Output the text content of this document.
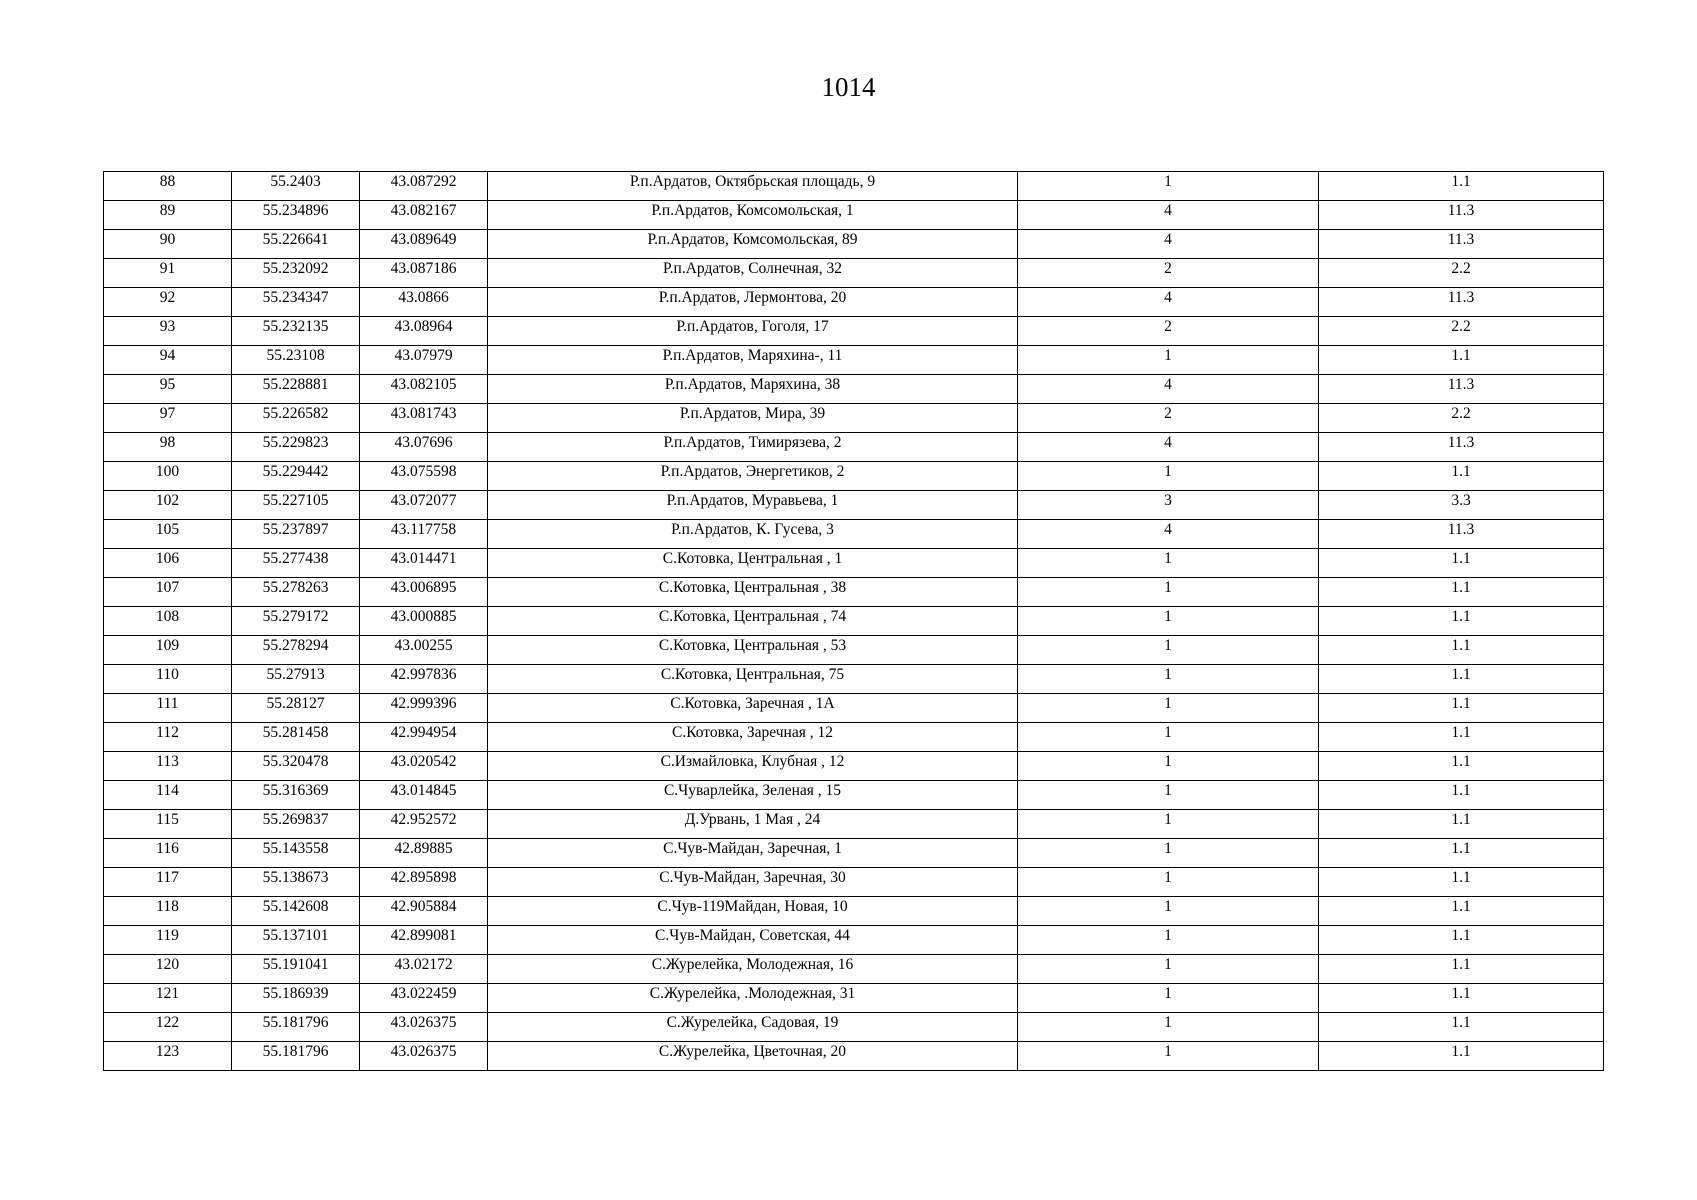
1014
88	55.2403	43.087292	Р.п.Ардатов, Октябрьская площадь, 9	1	1.1
89	55.234896	43.082167	Р.п.Ардатов, Комсомольская, 1	4	11.3
90	55.226641	43.089649	Р.п.Ардатов, Комсомольская, 89	4	11.3
91	55.232092	43.087186	Р.п.Ардатов, Солнечная, 32	2	2.2
92	55.234347	43.0866	Р.п.Ардатов, Лермонтова, 20	4	11.3
93	55.232135	43.08964	Р.п.Ардатов, Гоголя, 17	2	2.2
94	55.23108	43.07979	Р.п.Ардатов, Маряхина-, 11	1	1.1
95	55.228881	43.082105	Р.п.Ардатов, Маряхина, 38	4	11.3
97	55.226582	43.081743	Р.п.Ардатов, Мира, 39	2	2.2
98	55.229823	43.07696	Р.п.Ардатов, Тимирязева, 2	4	11.3
100	55.229442	43.075598	Р.п.Ардатов, Энергетиков, 2	1	1.1
102	55.227105	43.072077	Р.п.Ардатов, Муравьева, 1	3	3.3
105	55.237897	43.117758	Р.п.Ардатов, К. Гусева, 3	4	11.3
106	55.277438	43.014471	С.Котовка, Центральная , 1	1	1.1
107	55.278263	43.006895	С.Котовка, Центральная , 38	1	1.1
108	55.279172	43.000885	С.Котовка, Центральная , 74	1	1.1
109	55.278294	43.00255	С.Котовка, Центральная , 53	1	1.1
110	55.27913	42.997836	С.Котовка, Центральная, 75	1	1.1
111	55.28127	42.999396	С.Котовка, Заречная , 1А	1	1.1
112	55.281458	42.994954	С.Котовка, Заречная , 12	1	1.1
113	55.320478	43.020542	С.Измайловка, Клубная , 12	1	1.1
114	55.316369	43.014845	С.Чуварлейка, Зеленая , 15	1	1.1
115	55.269837	42.952572	Д.Урвань, 1 Мая , 24	1	1.1
116	55.143558	42.89885	С.Чув-Майдан, Заречная, 1	1	1.1
117	55.138673	42.895898	С.Чув-Майдан, Заречная, 30	1	1.1
118	55.142608	42.905884	С.Чув-119Майдан, Новая, 10	1	1.1
119	55.137101	42.899081	С.Чув-Майдан, Советская, 44	1	1.1
120	55.191041	43.02172	С.Журелейка, Молодежная, 16	1	1.1
121	55.186939	43.022459	С.Журелейка, .Молодежная, 31	1	1.1
122	55.181796	43.026375	С.Журелейка, Садовая, 19	1	1.1
123	55.181796	43.026375	С.Журелейка, Цветочная, 20	1	1.1
